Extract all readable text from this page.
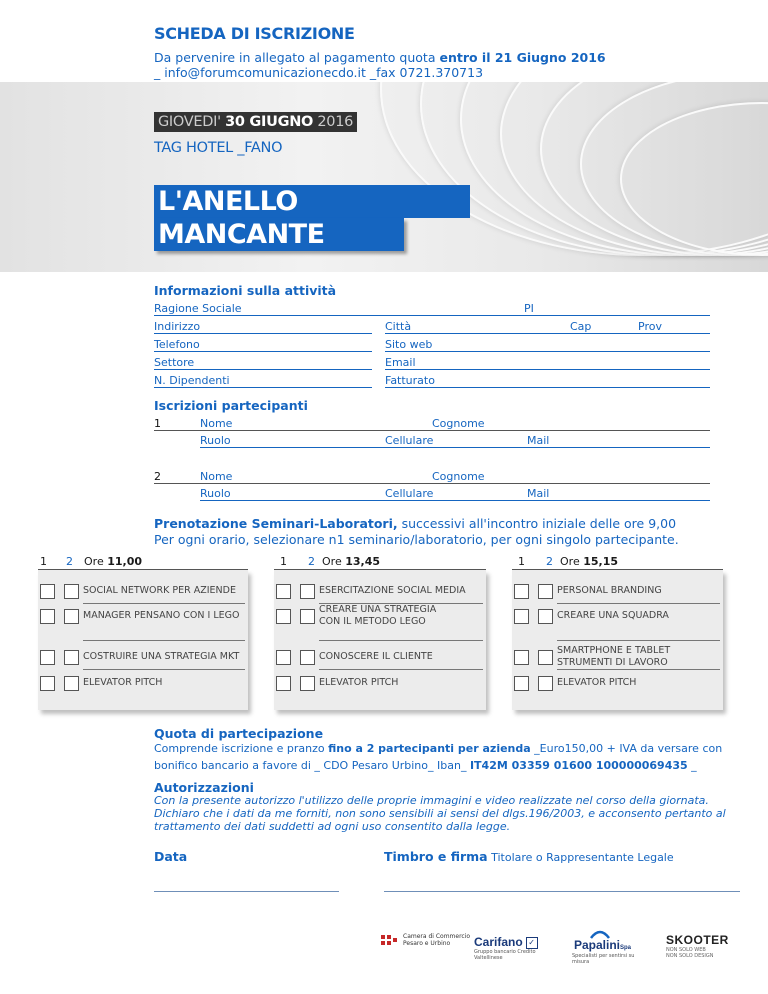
SCHEDA DI ISCRIZIONE
Da pervenire in allegato al pagamento quota entro il 21 Giugno 2016
_ info@forumcomunicazionecdo.it _fax 0721.370713
GIOVEDI' 30 GIUGNO 2016
TAG HOTEL _FANO
L'ANELLO
MANCANTE
Informazioni sulla attività
Ragione Sociale	PI
Indirizzo	Città	Cap	Prov
Telefono	Sito web
Settore	Email
N. Dipendenti	Fatturato
Iscrizioni partecipanti
1	Nome	Cognome
Ruolo	Cellulare	Mail
2	Nome	Cognome
Ruolo	Cellulare	Mail
Prenotazione Seminari-Laboratori, successivi all'incontro iniziale delle ore 9,00
Per ogni orario, selezionare n1 seminario/laboratorio, per ogni singolo partecipante.
1 2 Ore 11,00
SOCIAL NETWORK PER AZIENDE
MANAGER PENSANO CON I LEGO
COSTRUIRE UNA STRATEGIA MKT
ELEVATOR PITCH
1 2 Ore 13,45
ESERCITAZIONE SOCIAL MEDIA
CREARE UNA STRATEGIA
CON IL METODO LEGO
CONOSCERE IL CLIENTE
ELEVATOR PITCH
1 2 Ore 15,15
PERSONAL BRANDING
CREARE UNA SQUADRA
SMARTPHONE E TABLET
STRUMENTI DI LAVORO
ELEVATOR PITCH
Quota di partecipazione
Comprende iscrizione e pranzo fino a 2 partecipanti per azienda _Euro150,00 + IVA da versare con bonifico bancario a favore di _ CDO Pesaro Urbino_ Iban_ IT42M 03359 01600 100000069435 _
Autorizzazioni
Con la presente autorizzo l'utilizzo delle proprie immagini e video realizzate nel corso della giornata. Dichiaro che i dati da me forniti, non sono sensibili ai sensi del dlgs.196/2003, e acconsento pertanto al trattamento dei dati suddetti ad ogni uso consentito dalla legge.
Data	Timbro e firma Titolare o Rappresentante Legale
Camera di Commercio
Pesaro e Urbino	Carifano ✓
Gruppo bancario Credito Valtellinese
PapaliniSpa
Specialisti per sentirsi su misura
SKOOTER
NON SOLO WEB
NON SOLO DESIGN
